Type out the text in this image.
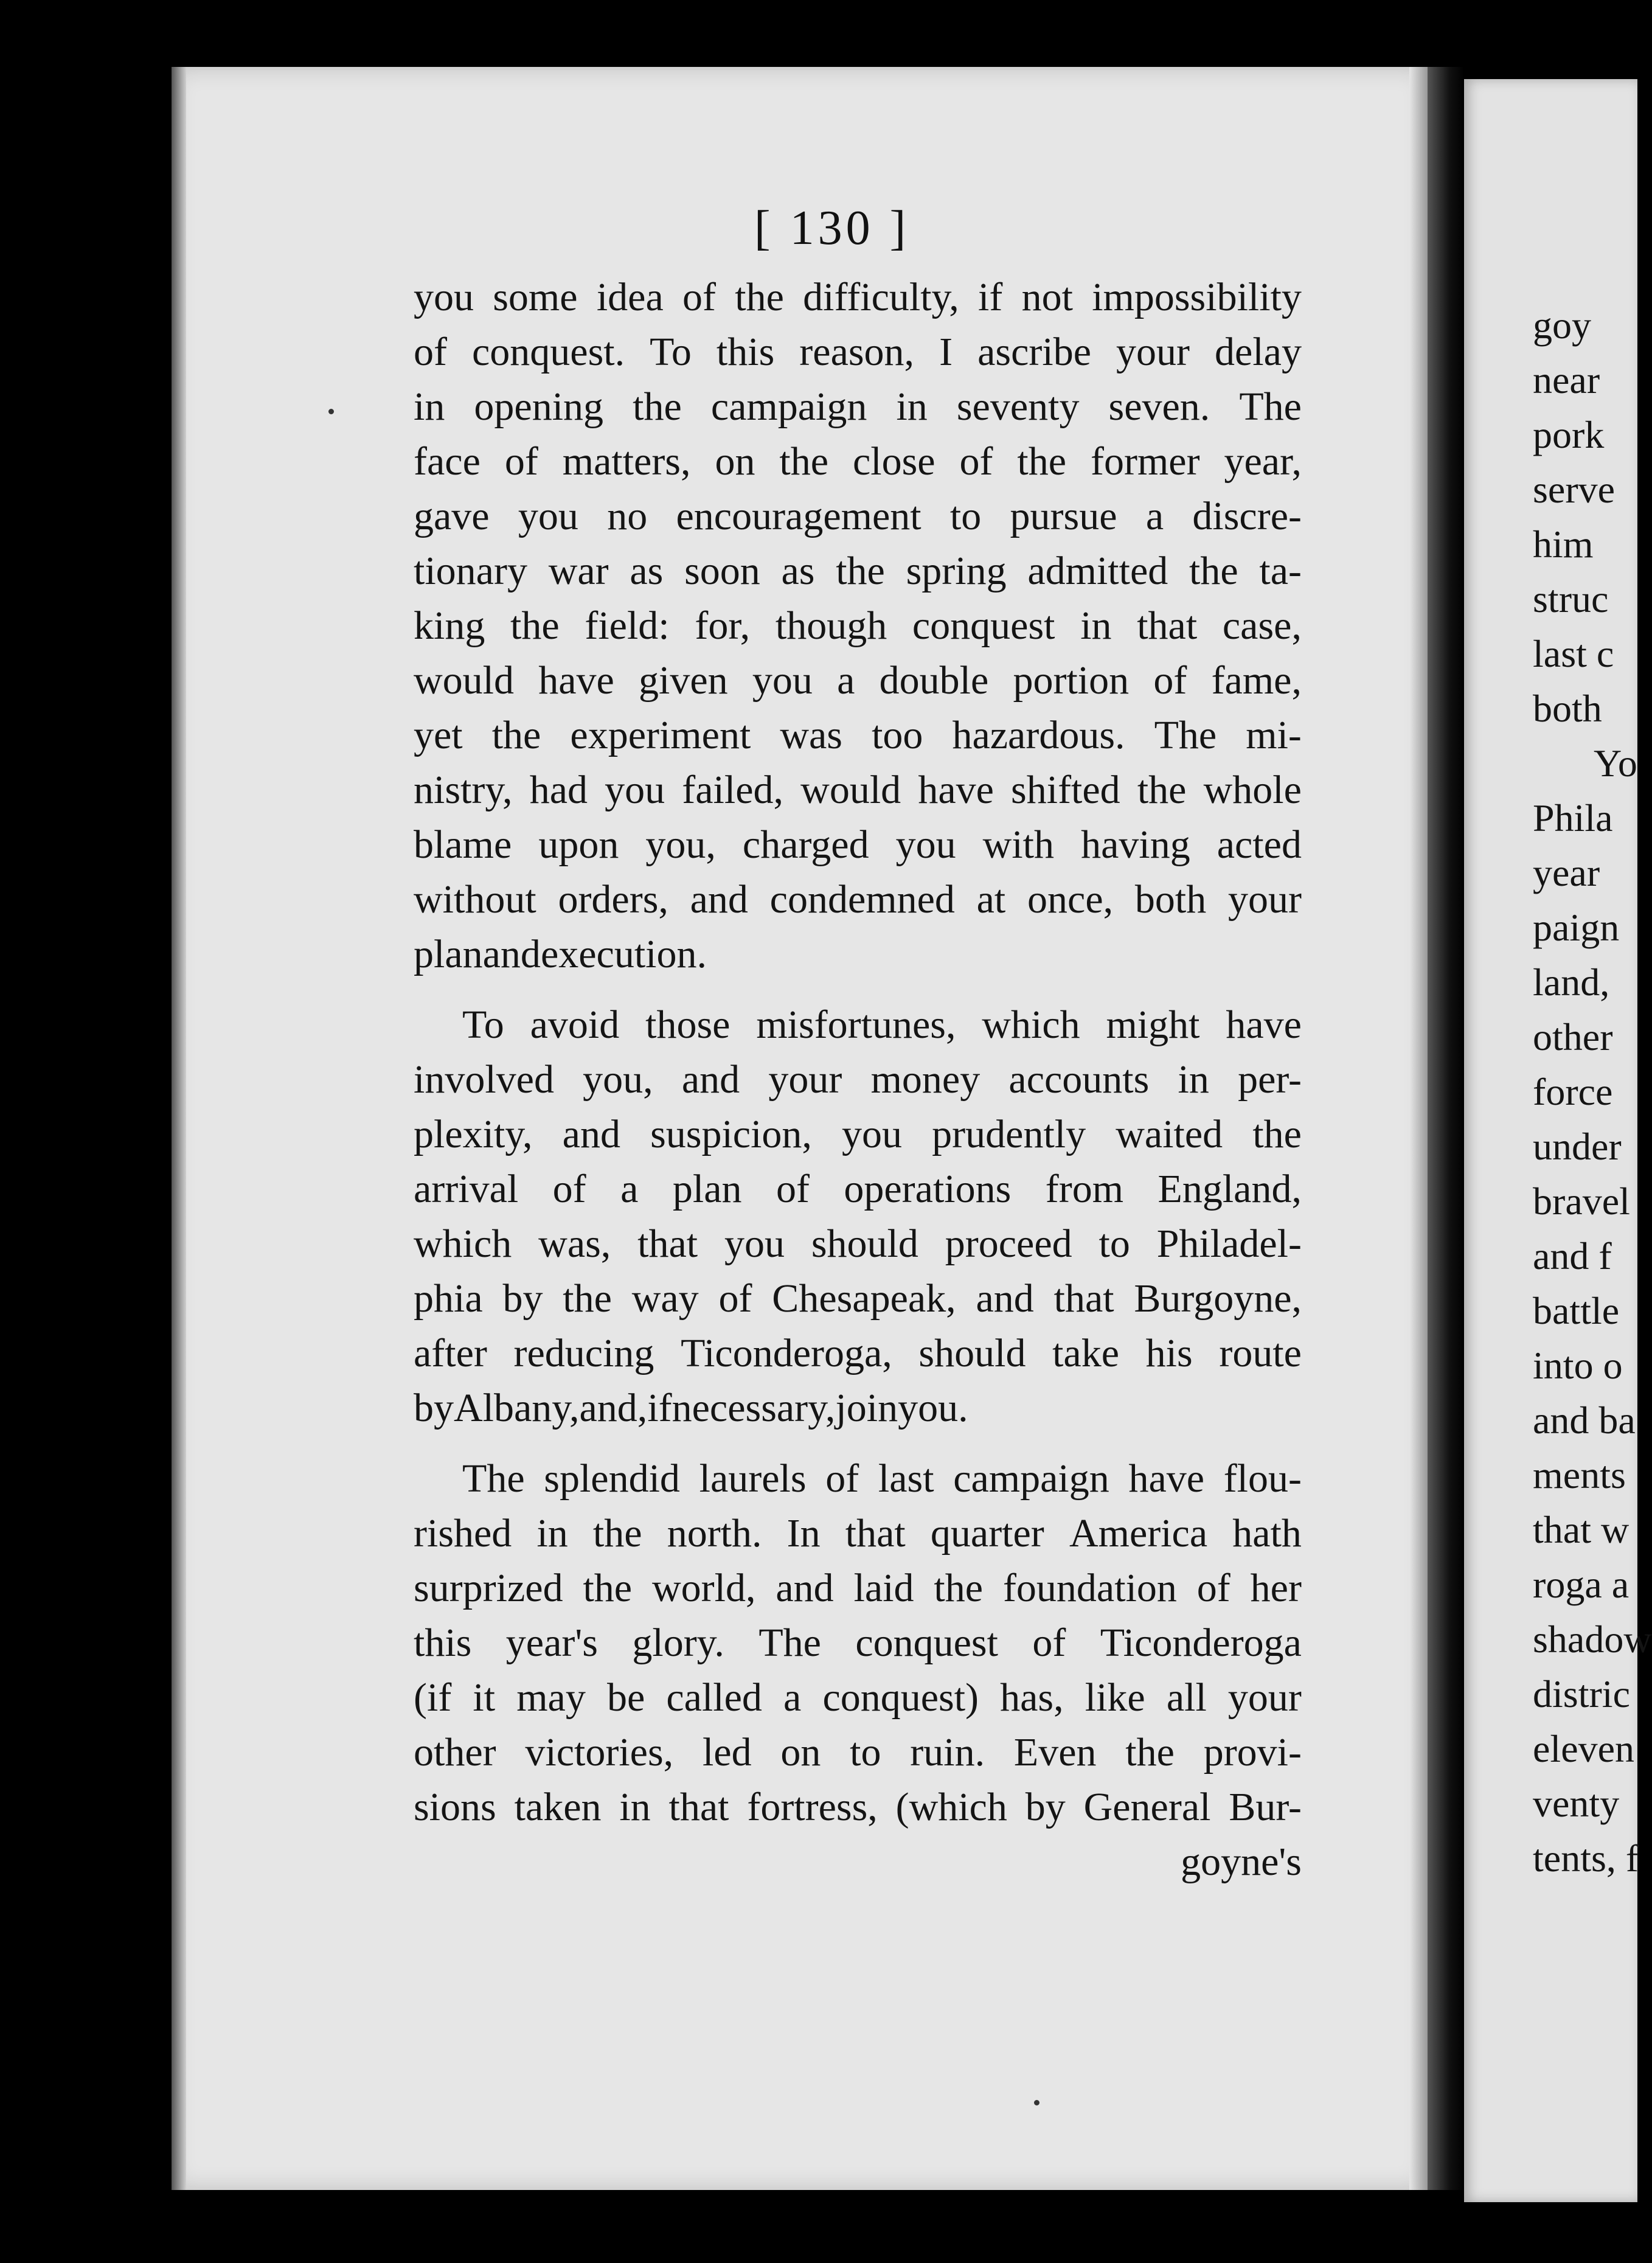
[ 130 ]
you some idea of the difficulty, if not impossibility
of conquest. To this reason, I ascribe your delay
in opening the campaign in seventy seven. The
face of matters, on the close of the former year,
gave you no encouragement to pursue a discre-
tionary war as soon as the spring admitted the ta-
king the field: for, though conquest in that case,
would have given you a double portion of fame,
yet the experiment was too hazardous. The mi-
nistry, had you failed, would have shifted the whole
blame upon you, charged you with having acted
without orders, and condemned at once, both your
plan and execution.
To avoid those misfortunes, which might have
involved you, and your money accounts in per-
plexity, and suspicion, you prudently waited the
arrival of a plan of operations from England,
which was, that you should proceed to Philadel-
phia by the way of Chesapeak, and that Burgoyne,
after reducing Ticonderoga, should take his route
by Albany, and, if necessary, join you.
The splendid laurels of last campaign have flou-
rished in the north. In that quarter America hath
surprized the world, and laid the foundation of her
this year's glory. The conquest of Ticonderoga
(if it may be called a conquest) has, like all your
other victories, led on to ruin. Even the provi-
sions taken in that fortress, (which by General Bur-
goyne's
goy
near
pork
serve
him
struc
last c
both
Yo
Phila
year
paign
land,
other
force
under
bravel
and f
battle
into o
and ba
ments
that w
roga a
shadow
distric
eleven
venty
tents, f
